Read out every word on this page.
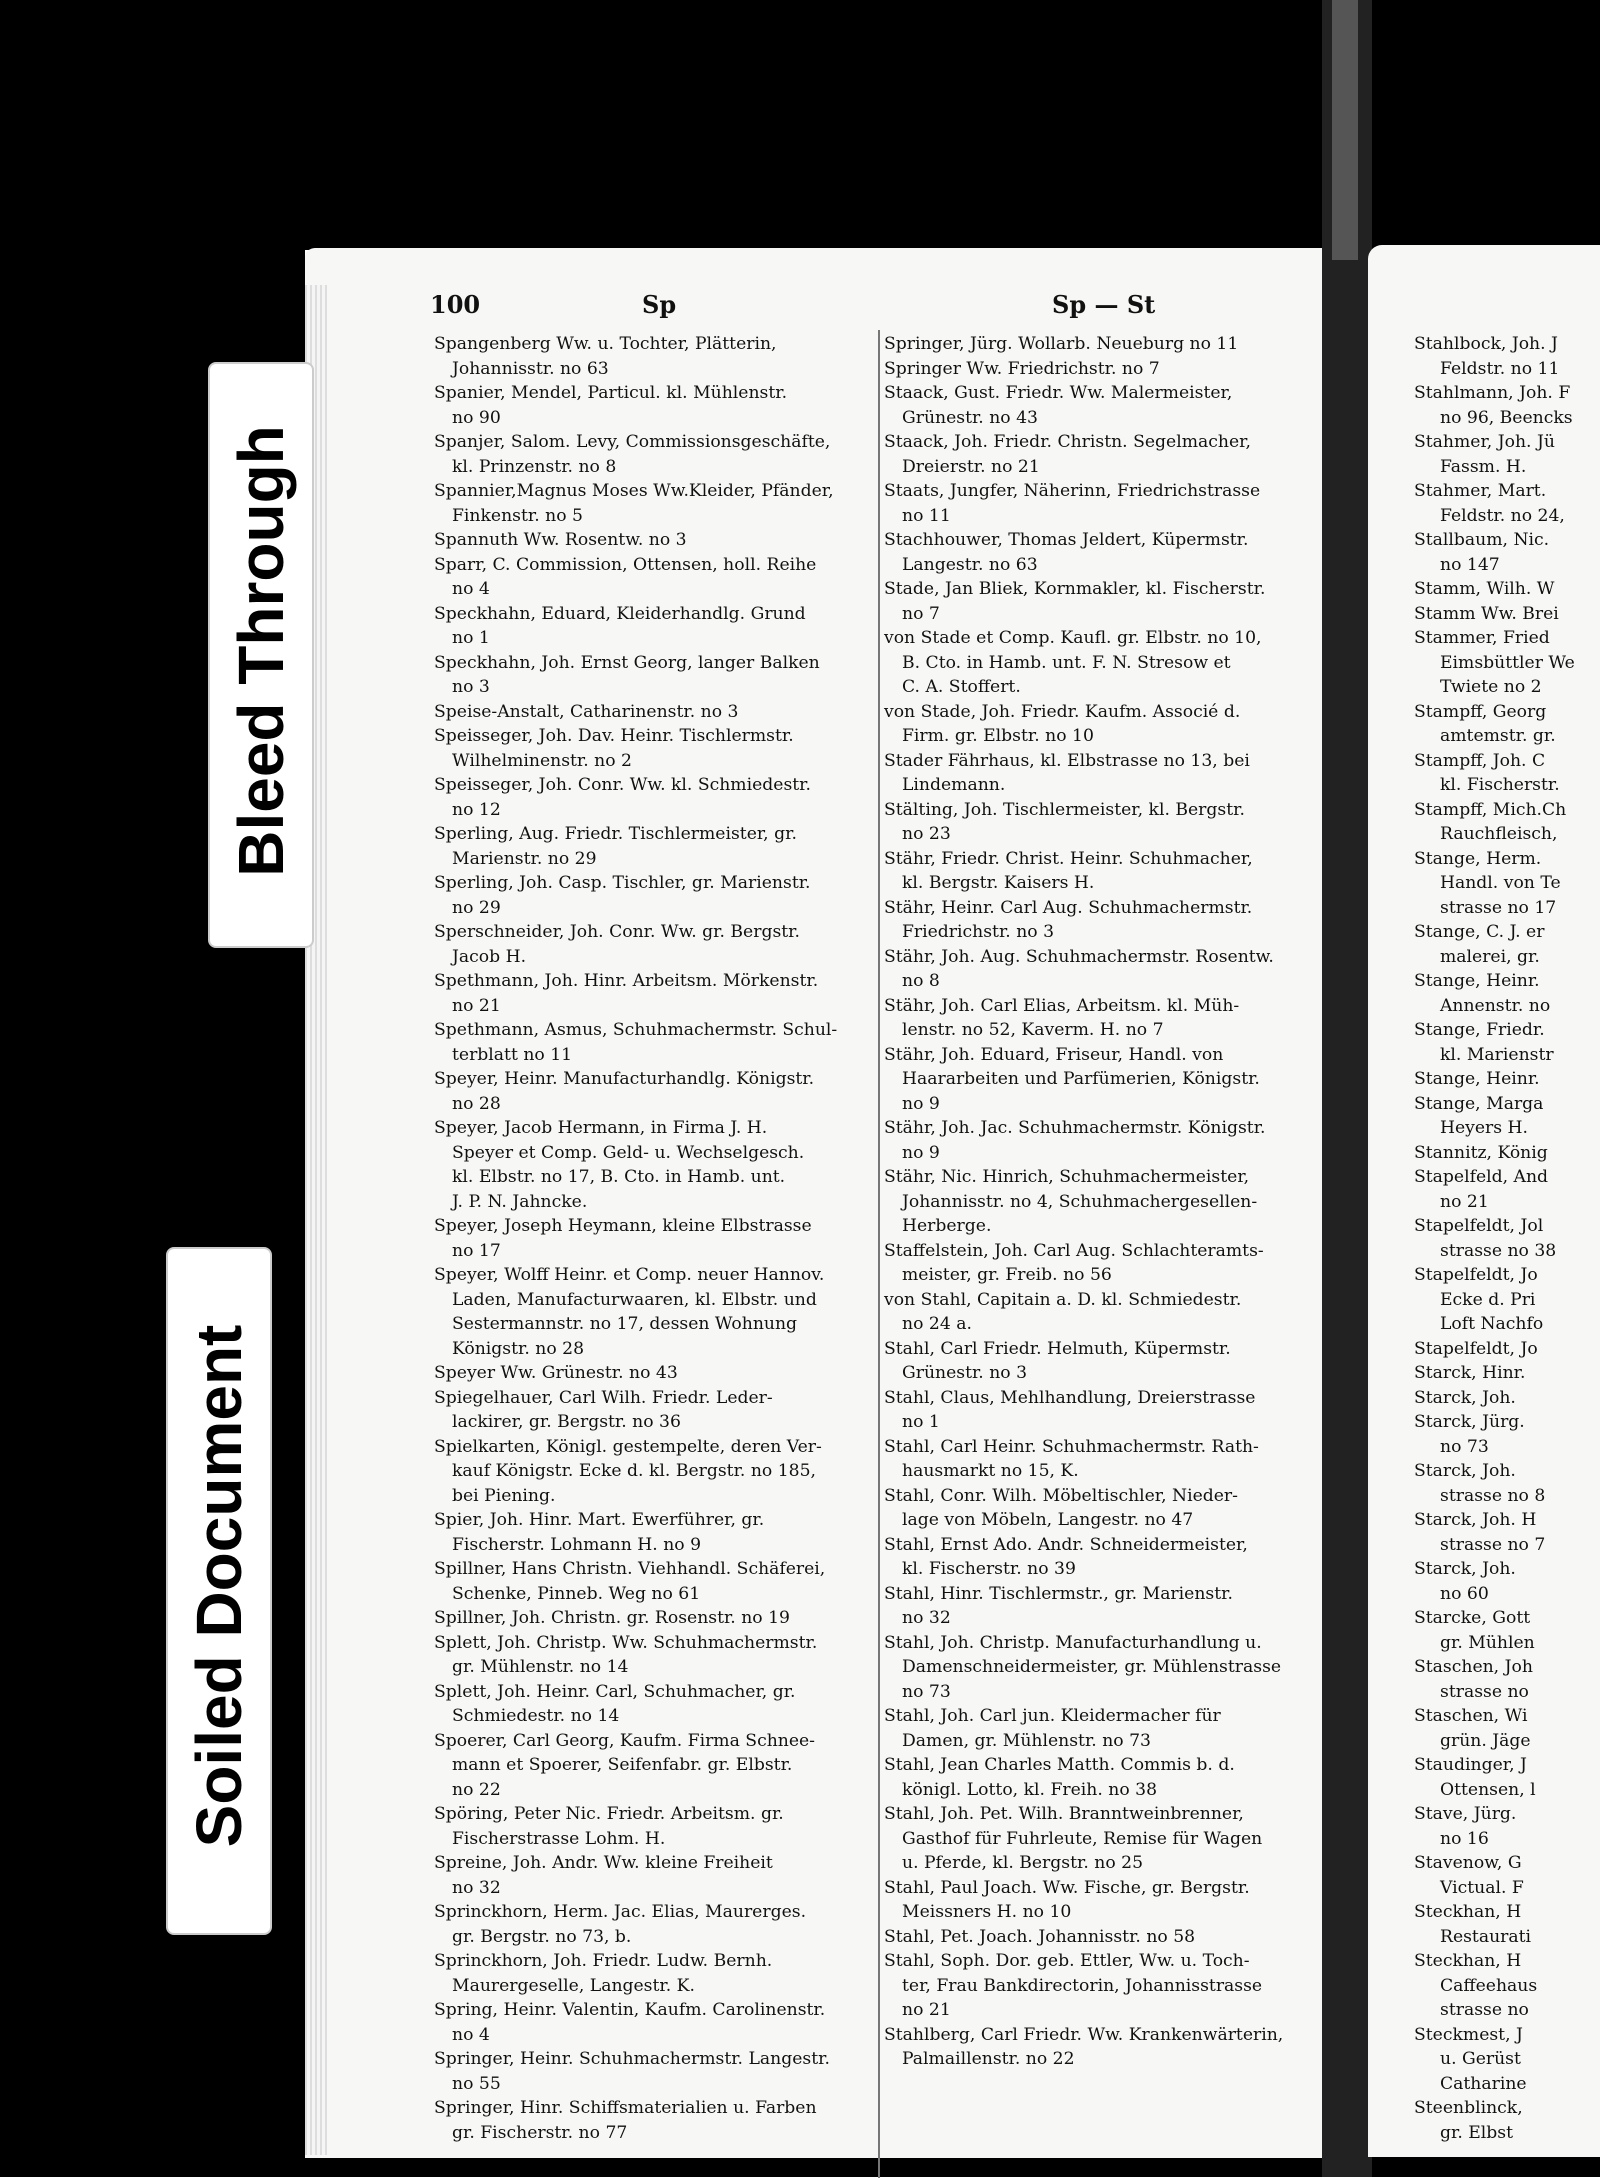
Bleed Through
Soiled Document
100	Sp	Sp — St

Spangenberg Ww. u. Tochter, Plätterin,
Johannisstr. no 63

Spanier, Mendel, Particul. kl. Mühlenstr.
no 90

Spanjer, Salom. Levy, Commissionsgeschäfte,
kl. Prinzenstr. no 8

Spannier,Magnus Moses Ww.Kleider, Pfänder,
Finkenstr. no 5

Spannuth Ww. Rosentw. no 3

Sparr, C. Commission, Ottensen, holl. Reihe
no 4

Speckhahn, Eduard, Kleiderhandlg. Grund
no 1

Speckhahn, Joh. Ernst Georg, langer Balken
no 3

Speise-Anstalt, Catharinenstr. no 3

Speisseger, Joh. Dav. Heinr. Tischlermstr.
Wilhelminenstr. no 2

Speisseger, Joh. Conr. Ww. kl. Schmiedestr.
no 12

Sperling, Aug. Friedr. Tischlermeister, gr.
Marienstr. no 29

Sperling, Joh. Casp. Tischler, gr. Marienstr.
no 29

Sperschneider, Joh. Conr. Ww. gr. Bergstr.
Jacob H.

Spethmann, Joh. Hinr. Arbeitsm. Mörkenstr.
no 21

Spethmann, Asmus, Schuhmachermstr. Schul-
terblatt no 11

Speyer, Heinr. Manufacturhandlg. Königstr.
no 28

Speyer, Jacob Hermann, in Firma J. H.
Speyer et Comp. Geld- u. Wechselgesch.
kl. Elbstr. no 17, B. Cto. in Hamb. unt.
J. P. N. Jahncke.

Speyer, Joseph Heymann, kleine Elbstrasse
no 17

Speyer, Wolff Heinr. et Comp. neuer Hannov.
Laden, Manufacturwaaren, kl. Elbstr. und
Sestermannstr. no 17, dessen Wohnung
Königstr. no 28

Speyer Ww. Grünestr. no 43

Spiegelhauer, Carl Wilh. Friedr. Leder-
lackirer, gr. Bergstr. no 36

Spielkarten, Königl. gestempelte, deren Ver-
kauf Königstr. Ecke d. kl. Bergstr. no 185,
bei Piening.

Spier, Joh. Hinr. Mart. Ewerführer, gr.
Fischerstr. Lohmann H. no 9

Spillner, Hans Christn. Viehhandl. Schäferei,
Schenke, Pinneb. Weg no 61

Spillner, Joh. Christn. gr. Rosenstr. no 19

Splett, Joh. Christp. Ww. Schuhmachermstr.
gr. Mühlenstr. no 14

Splett, Joh. Heinr. Carl, Schuhmacher, gr.
Schmiedestr. no 14

Spoerer, Carl Georg, Kaufm. Firma Schnee-
mann et Spoerer, Seifenfabr. gr. Elbstr.
no 22

Spöring, Peter Nic. Friedr. Arbeitsm. gr.
Fischerstrasse Lohm. H.

Spreine, Joh. Andr. Ww. kleine Freiheit
no 32

Sprinckhorn, Herm. Jac. Elias, Maurerges.
gr. Bergstr. no 73, b.

Sprinckhorn, Joh. Friedr. Ludw. Bernh.
Maurergeselle, Langestr. K.

Spring, Heinr. Valentin, Kaufm. Carolinenstr.
no 4

Springer, Heinr. Schuhmachermstr. Langestr.
no 55

Springer, Hinr. Schiffsmaterialien u. Farben
gr. Fischerstr. no 77

Springer, Jürg. Wollarb. Neueburg no 11

Springer Ww. Friedrichstr. no 7

Staack, Gust. Friedr. Ww. Malermeister,
Grünestr. no 43

Staack, Joh. Friedr. Christn. Segelmacher,
Dreierstr. no 21

Staats, Jungfer, Näherinn, Friedrichstrasse
no 11

Stachhouwer, Thomas Jeldert, Küpermstr.
Langestr. no 63

Stade, Jan Bliek, Kornmakler, kl. Fischerstr.
no 7

von Stade et Comp. Kaufl. gr. Elbstr. no 10,
B. Cto. in Hamb. unt. F. N. Stresow et
C. A. Stoffert.

von Stade, Joh. Friedr. Kaufm. Associé d.
Firm. gr. Elbstr. no 10

Stader Fährhaus, kl. Elbstrasse no 13, bei
Lindemann.

Stälting, Joh. Tischlermeister, kl. Bergstr.
no 23

Stähr, Friedr. Christ. Heinr. Schuhmacher,
kl. Bergstr. Kaisers H.

Stähr, Heinr. Carl Aug. Schuhmachermstr.
Friedrichstr. no 3

Stähr, Joh. Aug. Schuhmachermstr. Rosentw.
no 8

Stähr, Joh. Carl Elias, Arbeitsm. kl. Müh-
lenstr. no 52, Kaverm. H. no 7

Stähr, Joh. Eduard, Friseur, Handl. von
Haararbeiten und Parfümerien, Königstr.
no 9

Stähr, Joh. Jac. Schuhmachermstr. Königstr.
no 9

Stähr, Nic. Hinrich, Schuhmachermeister,
Johannisstr. no 4, Schuhmachergesellen-
Herberge.

Staffelstein, Joh. Carl Aug. Schlachteramts-
meister, gr. Freib. no 56

von Stahl, Capitain a. D. kl. Schmiedestr.
no 24 a.

Stahl, Carl Friedr. Helmuth, Küpermstr.
Grünestr. no 3

Stahl, Claus, Mehlhandlung, Dreierstrasse
no 1

Stahl, Carl Heinr. Schuhmachermstr. Rath-
hausmarkt no 15, K.

Stahl, Conr. Wilh. Möbeltischler, Nieder-
lage von Möbeln, Langestr. no 47

Stahl, Ernst Ado. Andr. Schneidermeister,
kl. Fischerstr. no 39

Stahl, Hinr. Tischlermstr., gr. Marienstr.
no 32

Stahl, Joh. Christp. Manufacturhandlung u.
Damenschneidermeister, gr. Mühlenstrasse
no 73

Stahl, Joh. Carl jun. Kleidermacher für
Damen, gr. Mühlenstr. no 73

Stahl, Jean Charles Matth. Commis b. d.
königl. Lotto, kl. Freih. no 38

Stahl, Joh. Pet. Wilh. Branntweinbrenner,
Gasthof für Fuhrleute, Remise für Wagen
u. Pferde, kl. Bergstr. no 25

Stahl, Paul Joach. Ww. Fische, gr. Bergstr.
Meissners H. no 10

Stahl, Pet. Joach. Johannisstr. no 58

Stahl, Soph. Dor. geb. Ettler, Ww. u. Toch-
ter, Frau Bankdirectorin, Johannisstrasse
no 21

Stahlberg, Carl Friedr. Ww. Krankenwärterin,
Palmaillenstr. no 22

Stahlbock, Joh. J
Feldstr. no 11
Stahlmann, Joh. F
no 96, Beencks
Stahmer, Joh. Jü
Fassm. H.
Stahmer, Mart.
Feldstr. no 24,
Stallbaum, Nic.
no 147
Stamm, Wilh. W
Stamm Ww. Brei
Stammer, Fried
Eimsbüttler We
Twiete no 2
Stampff, Georg
amtemstr. gr.
Stampff, Joh. C
kl. Fischerstr.
Stampff, Mich.Ch
Rauchfleisch,
Stange, Herm.
Handl. von Te
strasse no 17
Stange, C. J. er
malerei, gr.
Stange, Heinr.
Annenstr. no
Stange, Friedr.
kl. Marienstr
Stange, Heinr.
Stange, Marga
Heyers H.
Stannitz, König
Stapelfeld, And
no 21
Stapelfeldt, Jol
strasse no 38
Stapelfeldt, Jo
Ecke d. Pri
Loft Nachfo
Stapelfeldt, Jo
Starck, Hinr.
Starck, Joh.
Starck, Jürg.
no 73
Starck, Joh.
strasse no 8
Starck, Joh. H
strasse no 7
Starck, Joh.
no 60
Starcke, Gott
gr. Mühlen
Staschen, Joh
strasse no
Staschen, Wi
grün. Jäge
Staudinger, J
Ottensen, l
Stave, Jürg.
no 16
Stavenow, G
Victual. F
Steckhan, H
Restaurati
Steckhan, H
Caffeehaus
strasse no
Steckmest, J
u. Gerüst
Catharine
Steenblinck,
gr. Elbst
